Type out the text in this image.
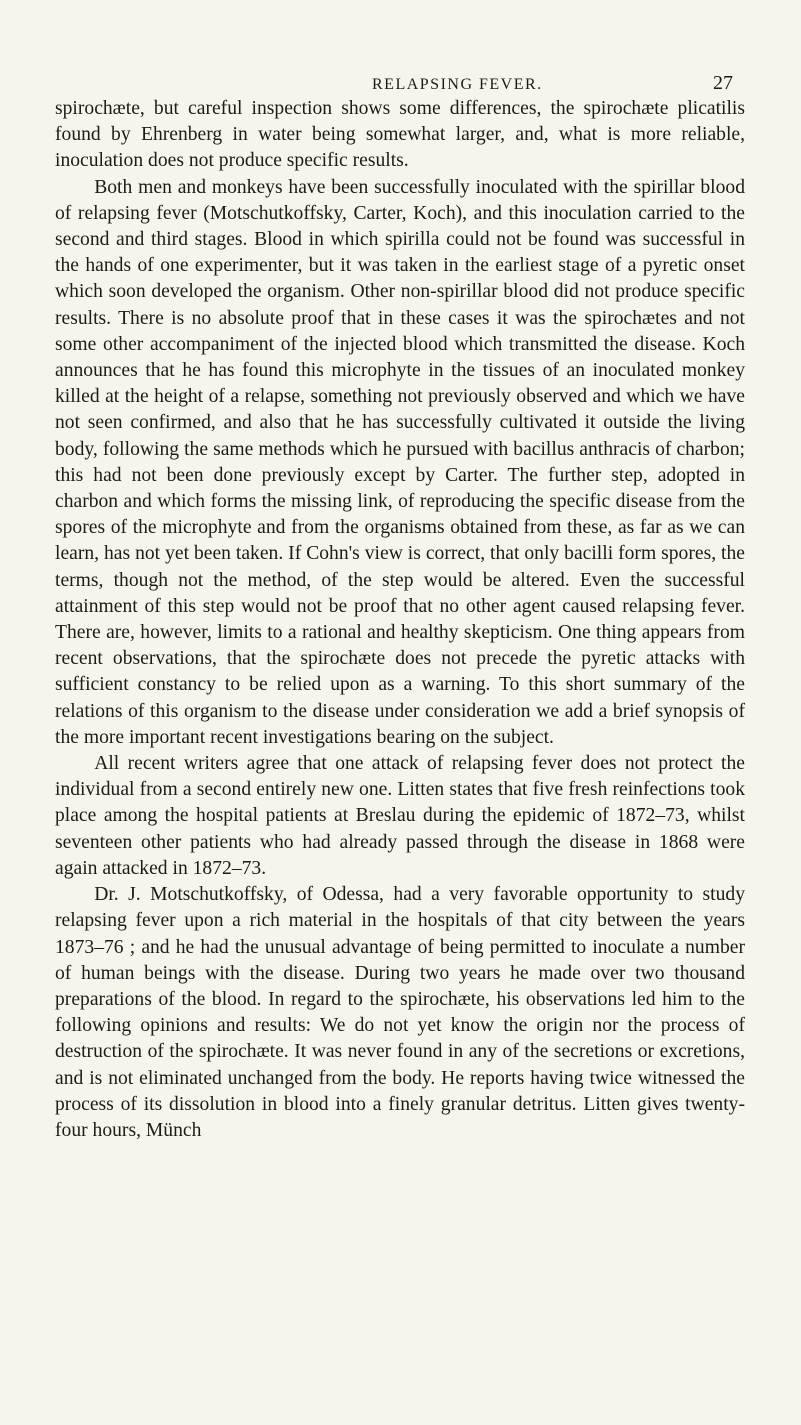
RELAPSING FEVER.	27

spirochæte, but careful inspection shows some differences, the spirochæte plicatilis found by Ehrenberg in water being somewhat larger, and, what is more reliable, inoculation does not produce specific results.

Both men and monkeys have been successfully inoculated with the spirillar blood of relapsing fever (Motschutkoffsky, Carter, Koch), and this inoculation carried to the second and third stages. Blood in which spirilla could not be found was successful in the hands of one experimenter, but it was taken in the earliest stage of a pyretic onset which soon developed the organism. Other non-spirillar blood did not produce specific results. There is no absolute proof that in these cases it was the spirochætes and not some other accompaniment of the injected blood which transmitted the disease. Koch announces that he has found this microphyte in the tissues of an inoculated monkey killed at the height of a relapse, something not previously observed and which we have not seen confirmed, and also that he has successfully cultivated it outside the living body, following the same methods which he pursued with bacillus anthracis of charbon; this had not been done previously except by Carter. The further step, adopted in charbon and which forms the missing link, of reproducing the specific disease from the spores of the microphyte and from the organisms obtained from these, as far as we can learn, has not yet been taken. If Cohn's view is correct, that only bacilli form spores, the terms, though not the method, of the step would be altered. Even the successful attainment of this step would not be proof that no other agent caused relapsing fever. There are, however, limits to a rational and healthy skepticism. One thing appears from recent observations, that the spirochæte does not precede the pyretic attacks with sufficient constancy to be relied upon as a warning. To this short summary of the relations of this organism to the disease under consideration we add a brief synopsis of the more important recent investigations bearing on the subject.

All recent writers agree that one attack of relapsing fever does not protect the individual from a second entirely new one. Litten states that five fresh reinfections took place among the hospital patients at Breslau during the epidemic of 1872–73, whilst seventeen other patients who had already passed through the disease in 1868 were again attacked in 1872–73.

Dr. J. Motschutkoffsky, of Odessa, had a very favorable opportunity to study relapsing fever upon a rich material in the hospitals of that city between the years 1873–76 ; and he had the unusual advantage of being permitted to inoculate a number of human beings with the disease. During two years he made over two thousand preparations of the blood. In regard to the spirochæte, his observations led him to the following opinions and results: We do not yet know the origin nor the process of destruction of the spirochæte. It was never found in any of the secretions or excretions, and is not eliminated unchanged from the body. He reports having twice witnessed the process of its dissolution in blood into a finely granular detritus. Litten gives twenty-four hours, Münch
